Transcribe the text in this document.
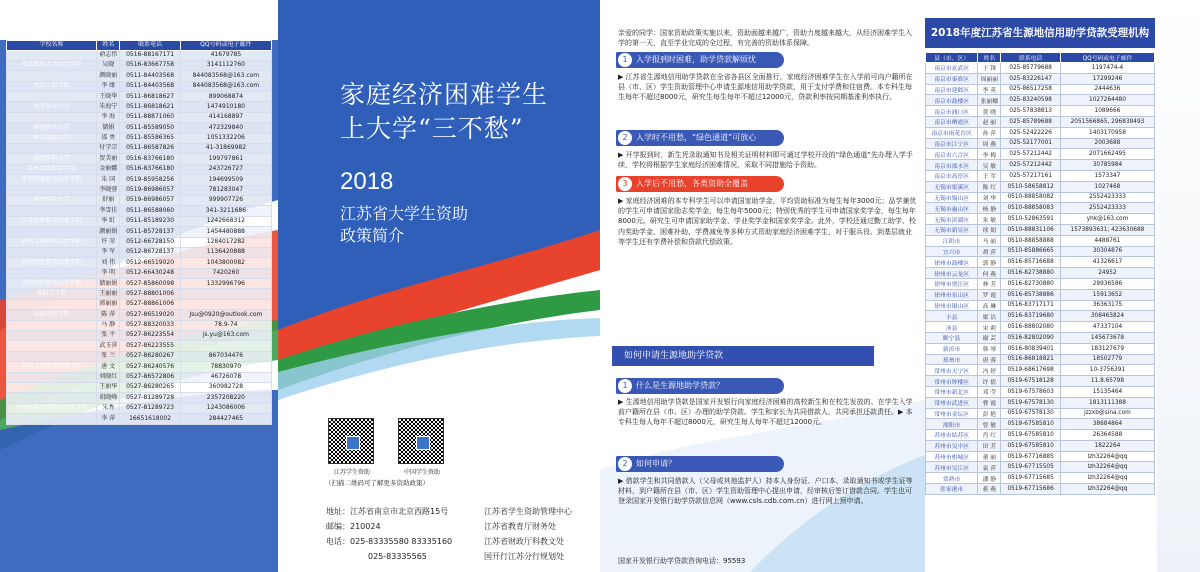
学校名称	姓名	联系电话	QQ号码或电子邮件
	俞志伟	0516-88167171	41679785
南京邮电大学通达学院	吴晓	0516-83667758	3141112760
	颜晓丽	0511-84403568	844083568@163.com
南京工程学院	李 缘	0511-84403568	844083568@163.com
	王晓华	0511-86818627	899068874
南京林业大学	朱海宁	0511-86818621	1474910180
	李 海	0511-88871060	414168897
南通职业大学	储娟	0511-85589050	472329840
南京师范大学	邵 勇	0511-85586365	1051332206
	付学宗	0511-86587826	41-31869982
徐州医科大学	贺美丽	0516-83766180	199797861
常州纺织服装学院	金丽娜	0516-83766180	243726727
常州机电职业技术学院	朱 国	0519-85958256	194699509
	李晓蓉	0519-86986057	781283047
扬州职业大学	舒丽	0519-86986057	999907726
	李雪佳	0511-86588060	341-3211686
江苏农林职业技术学院	季 虹	0511-85189230	1242668312
	颜丽娟	0511-85728137	1454480888
苏州工业职业技术学院	许 荣	0512-66728150	1284017282
	李 军	0512-86728137	1136420888
苏州信息职业技术学院	刘 伟	0512-66519020	1043800082
	李 明	0512-66430248	7420260
苏州经贸职业技术学院	储丽娟	0527-85860098	1332996796
淮阴工学院	王丽丽	0527-88801006	
	郭丽丽	0527-88861006	
盐城师范学院	陈 萍	0527-86519020	Jsu@0920@outlook.com
	马 静	0527-88320033	78.9-74
	张 平	0527-86223554	js.yu@163.com
	武玉萍	0527-86223555	
	张 兰	0527-86280267	867034476
扬州工业职业技术学院	唐 文	0527-86240576	78830970
	刘晓红	0527-86572806	46726078
	王丽华	0527-86280265	360982728
	胡晓峰	0527-81289728	2357208220
扬州环境资源职业技术学院	朱秀	0527-81289723	1243086006
	李 萍	16651618002	284427465
家庭经济困难学生
上大学“三不愁”
2018
江苏省大学生资助
政策简介
江苏学生资助	中国学生资助
（扫描二维码可了解更多资助政策）
地址：江苏省南京市北京西路15号
邮编：210024
电话：025-83335580 83335160
025-83335565
江苏省学生资助管理中心
江苏省教育厅财务处
江苏省财政厅科教文处
国开行江苏分行规划处
亲爱的同学：国家资助政策实施以来，资助面越来越广，资助力度越来越大，从经济困难学生入学的第一天，直至学业完成的全过程，有完善的资助体系保障。
1	入学报到时困难，助学贷款解烦忧
▶ 江苏省生源地信用助学贷款在全省各县区全面推行，家庭经济困难学生在入学前可向户籍所在县（市、区）学生资助管理中心申请生源地信用助学贷款，用于支付学费和住宿费。本专科生每生每年不超过8000元，研究生每生每年不超过12000元，贷款利率按同期基准利率执行。
2	入学时不用愁，“绿色通道”可放心
▶ 开学报到时，新生凭录取通知书及相关证明材料即可通过学校开设的“绿色通道”先办理入学手续，学校将根据学生家庭经济困难情况，采取不同措施给予资助。
3	入学后不用愁，各类资助全覆盖
▶ 家庭经济困难的本专科学生可以申请国家助学金，平均资助标准为每生每年3000元；品学兼优的学生可申请国家励志奖学金，每生每年5000元；特别优秀的学生可申请国家奖学金，每生每年8000元。研究生可申请国家助学金、学业奖学金和国家奖学金。此外，学校还通过勤工助学、校内奖助学金、困难补助、学费减免等多种方式资助家庭经济困难学生，对于服兵役、到基层就业等学生还有学费补偿和贷款代偿政策。
如何申请生源地助学贷款
1	什么是生源地助学贷款？
▶ 生源地信用助学贷款是国家开发银行向家庭经济困难的高校新生和在校生发放的、在学生入学前户籍所在县（市、区）办理的助学贷款。学生和家长为共同借款人，共同承担还款责任。▶ 本专科生每人每年不超过8000元，研究生每人每年不超过12000元。
2	如何申请？
▶ 借款学生和共同借款人（父母或其他监护人）持本人身份证、户口本、录取通知书或学生证等材料，到户籍所在县（市、区）学生资助管理中心提出申请，经审核后签订借款合同。学生也可登录国家开发银行助学贷款信息网（www.csls.cdb.com.cn）进行网上预申请。
国家开发银行助学贷款咨询电话：95593
2018年度江苏省生源地信用助学贷款受理机构
县（市、区）	姓名	联系电话	QQ号码或电子邮件
南京市玄武区	于 锋	025-85779688	1197474-4
南京市秦淮区	周丽丽	025-83226147	17299246
南京市建邺区	李 英	025-86517258	2444636
南京市鼓楼区	张丽娜	025-83240598	1027264480
南京市浦口区	黄 晓	025-57838813	1089666
南京市栖霞区	赵 丽	025-85789688	2051566865, 296838493
南京市雨花台区	孙 萍	025-52422226	1403170958
南京市江宁区	周 燕	025-52177001	2003688
南京市六合区	李 梅	025-57212442	2071662495
南京市溧水区	吴 敏	025-57212442	30785984
南京市高淳区	王 军	025-57217161	1573347
无锡市梁溪区	陈 红	0510-58658812	1027468
无锡市锡山区	刘 华	0510-88858082	2552423333
无锡市惠山区	杨 静	0510-88858083	2552423333
无锡市滨湖区	朱 敏	0510-52863591	yhk@163.com
无锡市新吴区	徐 娟	0510-88831106	1573893631; 423630688
江阴市	马 丽	0510-88858888	4488761
宜兴市	胡 萍	0510-85886665	30304876
徐州市鼓楼区	郭 静	0516-85716688	41326617
徐州市云龙区	何 燕	0516-82738880	24952
徐州市贾汪区	林 芳	0516-82730880	29936586
徐州市泉山区	罗 霞	0516-85738886	15913652
徐州市铜山区	高 琳	0516-83717171	36363175
丰县	梁 洁	0516-83719680	308463824
沛县	宋 莉	0516-88802080	47337104
睢宁县	谢 芸	0516-82802090	145673678
新沂市	韩 琴	0516-80839401	183127679
邳州市	唐 蓉	0516-86818821	18502779
常州市天宁区	冯 婷	0519-68617698	10-3756391
常州市钟楼区	许 倩	0519-67518128	11.8.65798
常州市新北区	邓 莹	0519-67578603	15135464
常州市武进区	曹 霞	0519-67578130	1813111388
常州市金坛区	彭 艳	0519-67578130	jzzxb@sina.com
溧阳市	曾 敏	0519-67585810	38684864
苏州市姑苏区	肖 红	0519-67585810	26364588
苏州市吴中区	田 芳	0519-67585810	1822264
苏州市相城区	董 丽	0519-67716885	lzh32264@qq
苏州市吴江区	袁 萍	0519-67715505	lzh32264@qq
常熟市	潘 静	0519-67715685	lzh32264@qq
张家港市	蒋 燕	0519-67715686	lzh32264@qq
